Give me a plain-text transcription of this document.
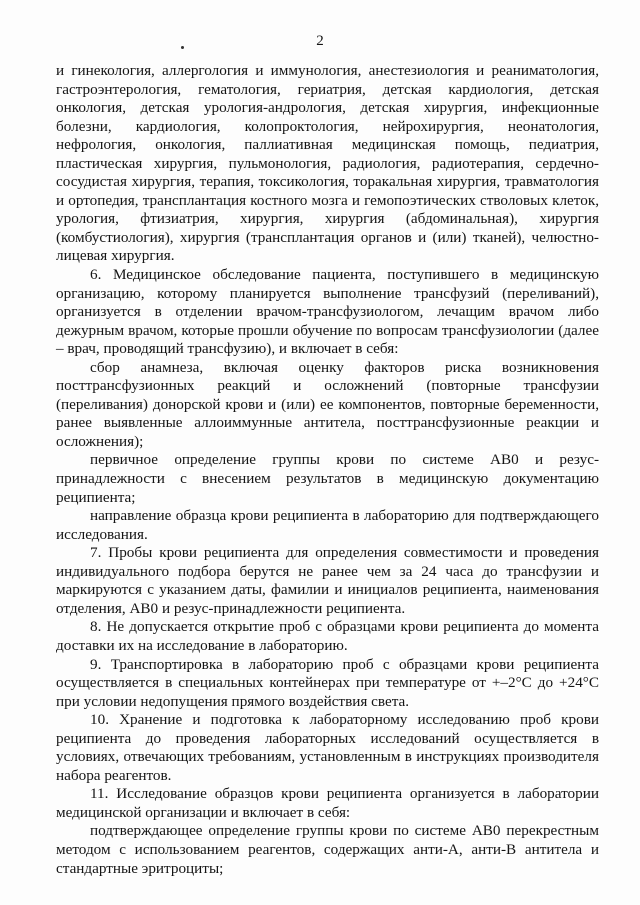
2

и гинекология, аллергология и иммунология, анестезиология и реаниматология, гастроэнтерология, гематология, гериатрия, детская кардиология, детская онкология, детская урология-андрология, детская хирургия, инфекционные болезни, кардиология, колопроктология, нейрохирургия, неонатология, нефрология, онкология, паллиативная медицинская помощь, педиатрия, пластическая хирургия, пульмонология, радиология, радиотерапия, сердечно-сосудистая хирургия, терапия, токсикология, торакальная хирургия, травматология и ортопедия, трансплантация костного мозга и гемопоэтических стволовых клеток, урология, фтизиатрия, хирургия, хирургия (абдоминальная), хирургия (комбустиология), хирургия (трансплантация органов и (или) тканей), челюстно-лицевая хирургия.

6. Медицинское обследование пациента, поступившего в медицинскую организацию, которому планируется выполнение трансфузий (переливаний), организуется в отделении врачом-трансфузиологом, лечащим врачом либо дежурным врачом, которые прошли обучение по вопросам трансфузиологии (далее – врач, проводящий трансфузию), и включает в себя:

сбор анамнеза, включая оценку факторов риска возникновения посттрансфузионных реакций и осложнений (повторные трансфузии (переливания) донорской крови и (или) ее компонентов, повторные беременности, ранее выявленные аллоиммунные антитела, посттрансфузионные реакции и осложнения);

первичное определение группы крови по системе АВ0 и резус-принадлежности с внесением результатов в медицинскую документацию реципиента;

направление образца крови реципиента в лабораторию для подтверждающего исследования.

7. Пробы крови реципиента для определения совместимости и проведения индивидуального подбора берутся не ранее чем за 24 часа до трансфузии и маркируются с указанием даты, фамилии и инициалов реципиента, наименования отделения, АВ0 и резус-принадлежности реципиента.

8. Не допускается открытие проб с образцами крови реципиента до момента доставки их на исследование в лабораторию.

9. Транспортировка в лабораторию проб с образцами крови реципиента осуществляется в специальных контейнерах при температуре от +–2°С до +24°С при условии недопущения прямого воздействия света.

10. Хранение и подготовка к лабораторному исследованию проб крови реципиента до проведения лабораторных исследований осуществляется в условиях, отвечающих требованиям, установленным в инструкциях производителя набора реагентов.

11. Исследование образцов крови реципиента организуется в лаборатории медицинской организации и включает в себя:

подтверждающее определение группы крови по системе АВ0 перекрестным методом с использованием реагентов, содержащих анти-А, анти-В антитела и стандартные эритроциты;
